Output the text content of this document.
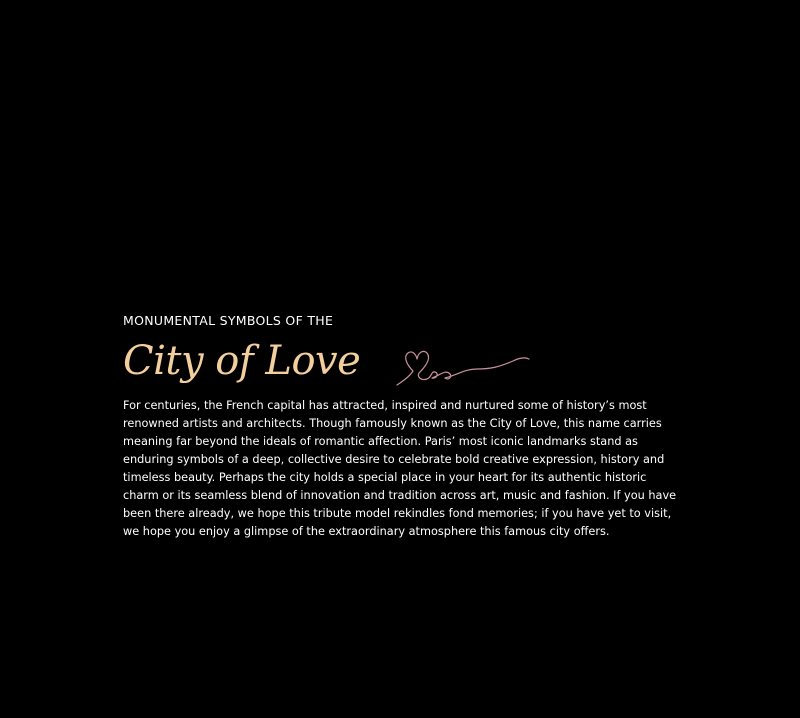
MONUMENTAL SYMBOLS OF THE

City of Love

For centuries, the French capital has attracted, inspired and nurtured some of history’s most renowned artists and architects. Though famously known as the City of Love, this name carries meaning far beyond the ideals of romantic affection. Paris’ most iconic landmarks stand as enduring symbols of a deep, collective desire to celebrate bold creative expression, history and timeless beauty. Perhaps the city holds a special place in your heart for its authentic historic charm or its seamless blend of innovation and tradition across art, music and fashion. If you have been there already, we hope this tribute model rekindles fond memories; if you have yet to visit, we hope you enjoy a glimpse of the extraordinary atmosphere this famous city offers.
